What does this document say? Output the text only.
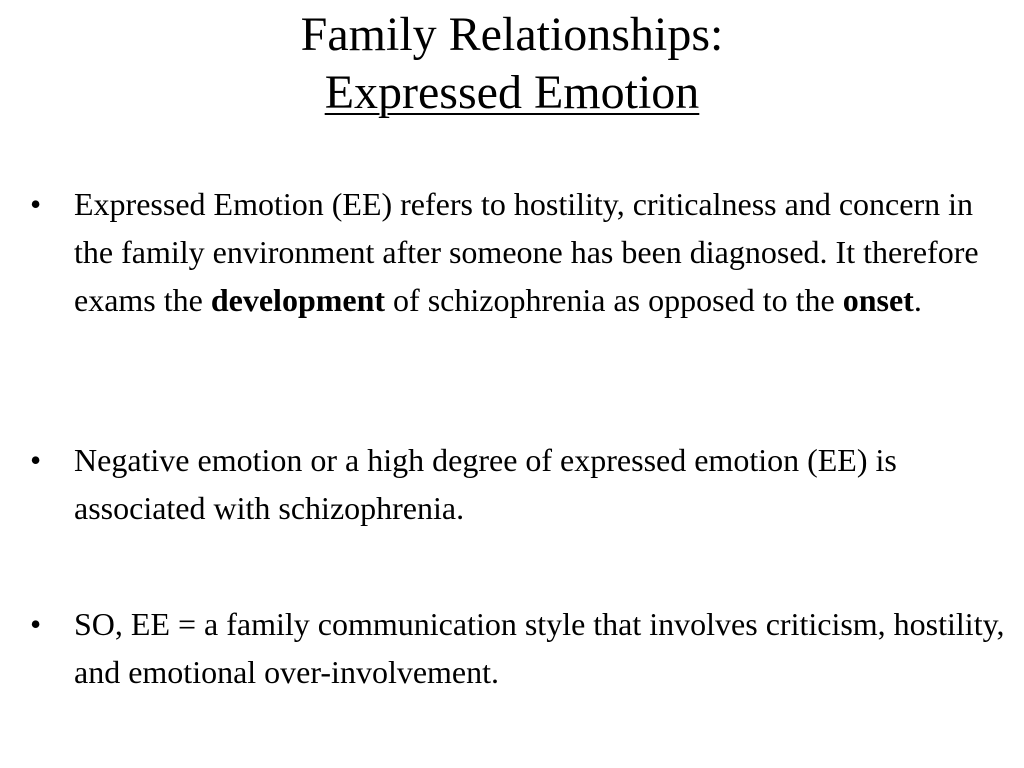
Family Relationships:
Expressed Emotion
•	Expressed Emotion (EE) refers to hostility, criticalness and concern in the family environment after someone has been diagnosed. It therefore exams the development of schizophrenia as opposed to the onset.
•	Negative emotion or a high degree of expressed emotion (EE) is associated with schizophrenia.
•	SO, EE = a family communication style that involves criticism, hostility, and emotional over-involvement.
